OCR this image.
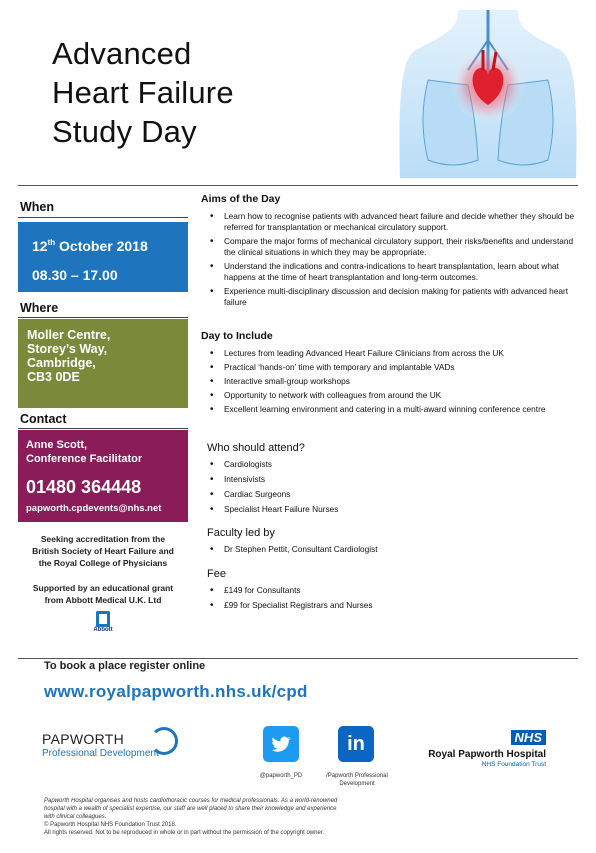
Advanced
Heart Failure
Study Day
When
12th October 2018
08.30 – 17.00
Where
Moller Centre,
Storey’s Way,
Cambridge,
CB3 0DE
Contact
Anne Scott,
Conference Facilitator
01480 364448
papworth.cpdevents@nhs.net
Seeking accreditation from the
British Society of Heart Failure and
the Royal College of Physicians
Supported by an educational grant
from Abbott Medical U.K. Ltd
Abbott
Aims of the Day
• Learn how to recognise patients with advanced heart failure and decide whether they should be referred for transplantation or mechanical circulatory support.
• Compare the major forms of mechanical circulatory support, their risks/benefits and understand the clinical situations in which they may be appropriate.
• Understand the indications and contra-indications to heart transplantation, learn about what happens at the time of heart transplantation and long-term outcomes.
• Experience multi-disciplinary discussion and decision making for patients with advanced heart failure
Day to Include
• Lectures from leading Advanced Heart Failure Clinicians from across the UK
• Practical ‘hands-on’ time with temporary and implantable VADs
• Interactive small-group workshops
• Opportunity to network with colleagues from around the UK
• Excellent learning environment and catering in a multi-award winning conference centre
Who should attend?
• Cardiologists
• Intensivists
• Cardiac Surgeons
• Specialist Heart Failure Nurses
Faculty led by
• Dr Stephen Pettit, Consultant Cardiologist
Fee
• £149 for Consultants
• £99 for Specialist Registrars and Nurses
To book a place register online
www.royalpapworth.nhs.uk/cpd
PAPWORTH
Professional Development
@papworth_PD
in
/Papworth Professional
Development
NHS
Royal Papworth Hospital
NHS Foundation Trust
Papworth Hospital organises and hosts cardiothoracic courses for medical professionals. As a world-renowned
hospital with a wealth of specialist expertise, our staff are well placed to share their knowledge and experience
with clinical colleagues.
© Papworth Hospital NHS Foundation Trust 2018.
All rights reserved. Not to be reproduced in whole or in part without the permission of the copyright owner.
